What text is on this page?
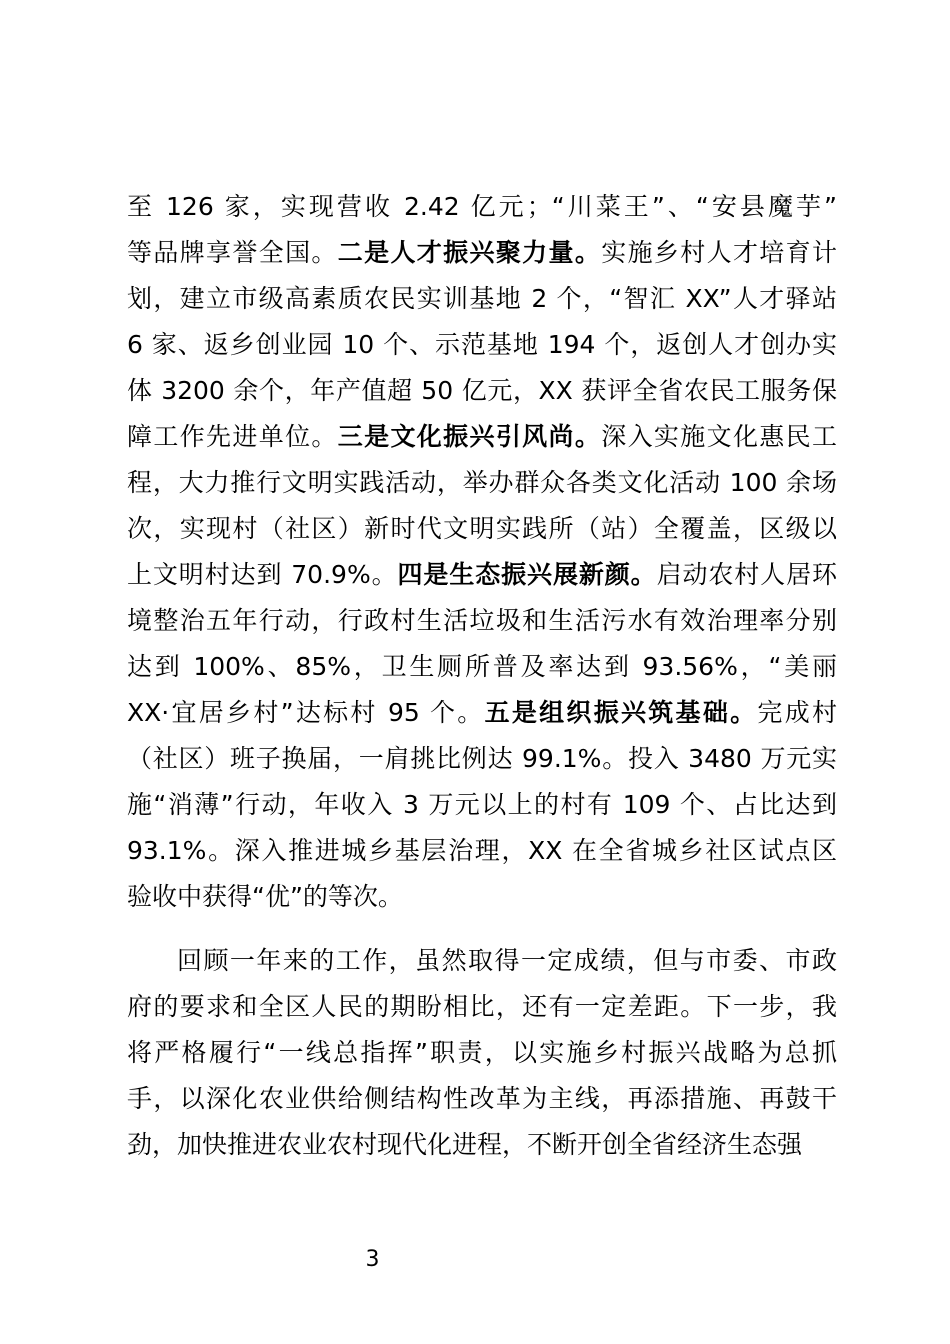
至 126 家，实现营收 2.42 亿元；“川菜王”、“安县魔芋”
等品牌享誉全国。二是人才振兴聚力量。实施乡村人才培育计
划，建立市级高素质农民实训基地 2 个，“智汇 XX”人才驿站
6 家、返乡创业园 10 个、示范基地 194 个，返创人才创办实
体 3200 余个，年产值超 50 亿元，XX 获评全省农民工服务保
障工作先进单位。三是文化振兴引风尚。深入实施文化惠民工
程，大力推行文明实践活动，举办群众各类文化活动 100 余场
次，实现村（社区）新时代文明实践所（站）全覆盖，区级以
上文明村达到 70.9%。四是生态振兴展新颜。启动农村人居环
境整治五年行动，行政村生活垃圾和生活污水有效治理率分别
达到 100%、85%，卫生厕所普及率达到 93.56%，“美丽
XX·宜居乡村”达标村 95 个。五是组织振兴筑基础。完成村
（社区）班子换届，一肩挑比例达 99.1%。投入 3480 万元实
施“消薄”行动，年收入 3 万元以上的村有 109 个、占比达到
93.1%。深入推进城乡基层治理，XX 在全省城乡社区试点区
验收中获得“优”的等次。
回顾一年来的工作，虽然取得一定成绩，但与市委、市政
府的要求和全区人民的期盼相比，还有一定差距。下一步，我
将严格履行“一线总指挥”职责，以实施乡村振兴战略为总抓
手，以深化农业供给侧结构性改革为主线，再添措施、再鼓干
劲，加快推进农业农村现代化进程，不断开创全省经济生态强
3
